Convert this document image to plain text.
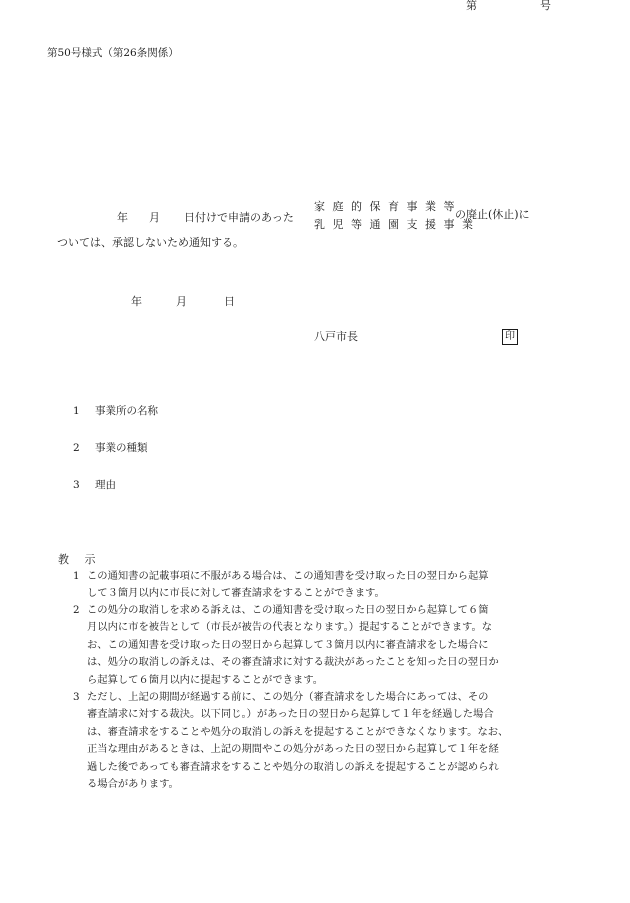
第50号様式（第26条関係）
第	号
年 月 日付けで申請のあった
家 庭 的 保 育 事 業 等
乳 児 等 通 園 支 援 事 業
の廃止(休止)に
ついては、承認しないため通知する。
年	月	日
八戸市長	印
1 事業所の名称
2 事業の種類
3 理由
教 示
1 この通知書の記載事項に不服がある場合は、この通知書を受け取った日の翌日から起算
して３箇月以内に市長に対して審査請求をすることができます。
2 この処分の取消しを求める訴えは、この通知書を受け取った日の翌日から起算して６箇
月以内に市を被告として（市長が被告の代表となります。）提起することができます。な
お、この通知書を受け取った日の翌日から起算して３箇月以内に審査請求をした場合に
は、処分の取消しの訴えは、その審査請求に対する裁決があったことを知った日の翌日か
ら起算して６箇月以内に提起することができます。
3 ただし、上記の期間が経過する前に、この処分（審査請求をした場合にあっては、その
審査請求に対する裁決。以下同じ。）があった日の翌日から起算して１年を経過した場合
は、審査請求をすることや処分の取消しの訴えを提起することができなくなります。なお、
正当な理由があるときは、上記の期間やこの処分があった日の翌日から起算して１年を経
過した後であっても審査請求をすることや処分の取消しの訴えを提起することが認められ
る場合があります。
